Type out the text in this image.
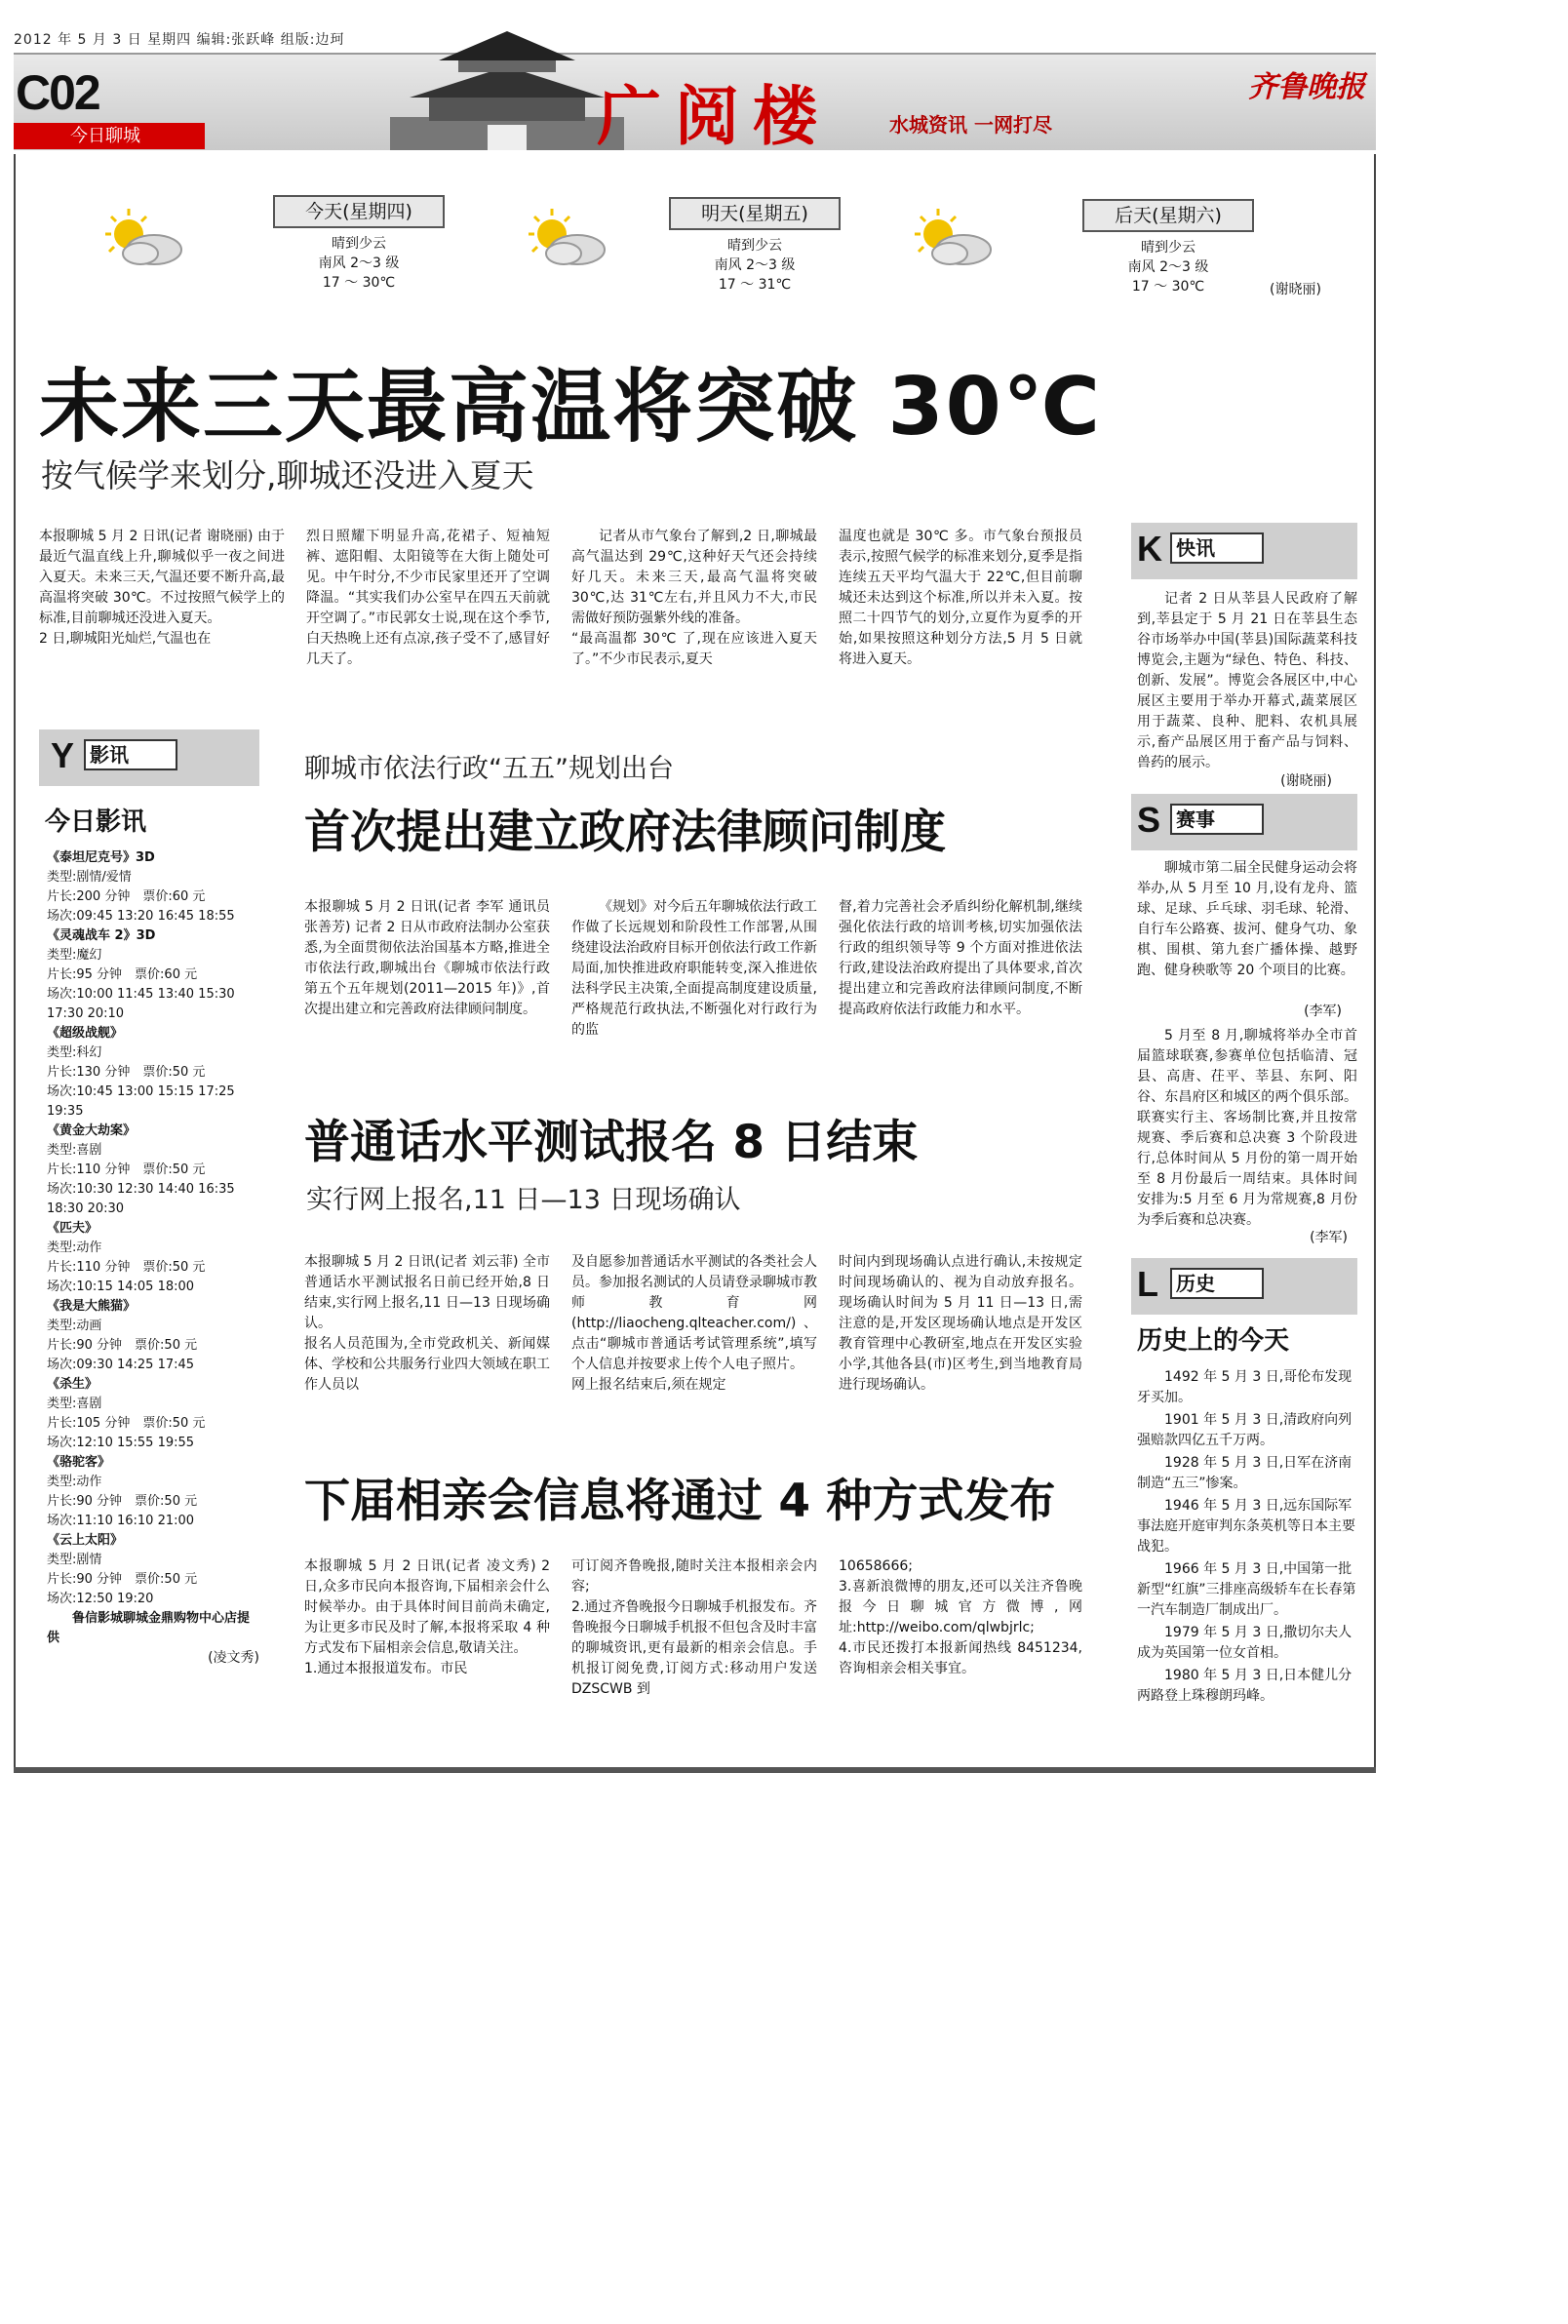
2012 年 5 月 3 日 星期四 编辑:张跃峰 组版:边珂
C02
今日聊城	广阅楼	水城资讯 一网打尽
齐鲁晚报
今天(星期四)
晴到少云
南风 2～3 级
17 ～ 30℃
明天(星期五)
晴到少云
南风 2～3 级
17 ～ 31℃
后天(星期六)
晴到少云
南风 2～3 级
17 ～ 30℃	(谢晓丽)
未来三天最高温将突破 30℃
按气候学来划分,聊城还没进入夏天
本报聊城 5 月 2 日讯(记者 谢晓丽) 由于最近气温直线上升,聊城似乎一夜之间进入夏天。未来三天,气温还要不断升高,最高温将突破 30℃。不过按照气候学上的标准,目前聊城还没进入夏天。
2 日,聊城阳光灿烂,气温也在
烈日照耀下明显升高,花裙子、短袖短裤、遮阳帽、太阳镜等在大街上随处可见。中午时分,不少市民家里还开了空调降温。“其实我们办公室早在四五天前就开空调了。”市民郭女士说,现在这个季节,白天热晚上还有点凉,孩子受不了,感冒好几天了。
记者从市气象台了解到,2 日,聊城最高气温达到 29℃,这种好天气还会持续好几天。未来三天,最高气温将突破 30℃,达 31℃左右,并且风力不大,市民需做好预防强紫外线的准备。
“最高温都 30℃ 了,现在应该进入夏天了。”不少市民表示,夏天
温度也就是 30℃ 多。市气象台预报员表示,按照气候学的标准来划分,夏季是指连续五天平均气温大于 22℃,但目前聊城还未达到这个标准,所以并未入夏。按照二十四节气的划分,立夏作为夏季的开始,如果按照这种划分方法,5 月 5 日就将进入夏天。
聊城市依法行政“五五”规划出台
首次提出建立政府法律顾问制度
本报聊城 5 月 2 日讯(记者 李军 通讯员 张善芳) 记者 2 日从市政府法制办公室获悉,为全面贯彻依法治国基本方略,推进全市依法行政,聊城出台《聊城市依法行政第五个五年规划(2011—2015 年)》,首次提出建立和完善政府法律顾问制度。
《规划》对今后五年聊城依法行政工作做了长远规划和阶段性工作部署,从围绕建设法治政府目标开创依法行政工作新局面,加快推进政府职能转变,深入推进依法科学民主决策,全面提高制度建设质量,严格规范行政执法,不断强化对行政行为的监
督,着力完善社会矛盾纠纷化解机制,继续强化依法行政的培训考核,切实加强依法行政的组织领导等 9 个方面对推进依法行政,建设法治政府提出了具体要求,首次提出建立和完善政府法律顾问制度,不断提高政府依法行政能力和水平。
普通话水平测试报名 8 日结束
实行网上报名,11 日—13 日现场确认
本报聊城 5 月 2 日讯(记者 刘云菲) 全市普通话水平测试报名日前已经开始,8 日结束,实行网上报名,11 日—13 日现场确认。
报名人员范围为,全市党政机关、新闻媒体、学校和公共服务行业四大领域在职工作人员以
及自愿参加普通话水平测试的各类社会人员。参加报名测试的人员请登录聊城市教师教育网(http://liaocheng.qlteacher.com/)、点击“聊城市普通话考试管理系统”,填写个人信息并按要求上传个人电子照片。
网上报名结束后,须在规定
时间内到现场确认点进行确认,未按规定时间现场确认的、视为自动放弃报名。现场确认时间为 5 月 11 日—13 日,需注意的是,开发区现场确认地点是开发区教育管理中心教研室,地点在开发区实验小学,其他各县(市)区考生,到当地教育局进行现场确认。
下届相亲会信息将通过 4 种方式发布
本报聊城 5 月 2 日讯(记者 凌文秀) 2 日,众多市民向本报咨询,下届相亲会什么时候举办。由于具体时间目前尚未确定,为让更多市民及时了解,本报将采取 4 种方式发布下届相亲会信息,敬请关注。
1.通过本报报道发布。市民
可订阅齐鲁晚报,随时关注本报相亲会内容;
2.通过齐鲁晚报今日聊城手机报发布。齐鲁晚报今日聊城手机报不但包含及时丰富的聊城资讯,更有最新的相亲会信息。手机报订阅免费,订阅方式:移动用户发送 DZSCWB 到
10658666;
3.喜新浪微博的朋友,还可以关注齐鲁晚报今日聊城官方微博,网址:http://weibo.com/qlwbjrlc;
4.市民还拨打本报新闻热线 8451234,咨询相亲会相关事宜。
Y 影讯
今日影讯
《泰坦尼克号》3D
类型:剧情/爱情
片长:200 分钟　票价:60 元
场次:09:45 13:20 16:45 18:55
《灵魂战车 2》3D
类型:魔幻
片长:95 分钟　票价:60 元
场次:10:00 11:45 13:40 15:30 17:30 20:10
《超级战舰》
类型:科幻
片长:130 分钟　票价:50 元
场次:10:45 13:00 15:15 17:25 19:35
《黄金大劫案》
类型:喜剧
片长:110 分钟　票价:50 元
场次:10:30 12:30 14:40 16:35 18:30 20:30
《匹夫》
类型:动作
片长:110 分钟　票价:50 元
场次:10:15 14:05 18:00
《我是大熊猫》
类型:动画
片长:90 分钟　票价:50 元
场次:09:30 14:25 17:45
《杀生》
类型:喜剧
片长:105 分钟　票价:50 元
场次:12:10 15:55 19:55
《骆驼客》
类型:动作
片长:90 分钟　票价:50 元
场次:11:10 16:10 21:00
《云上太阳》
类型:剧情
片长:90 分钟　票价:50 元
场次:12:50 19:20
鲁信影城聊城金鼎购物中心店提供
(凌文秀)
K 快讯
记者 2 日从莘县人民政府了解到,莘县定于 5 月 21 日在莘县生态谷市场举办中国(莘县)国际蔬菜科技博览会,主题为“绿色、特色、科技、创新、发展”。博览会各展区中,中心展区主要用于举办开幕式,蔬菜展区用于蔬菜、良种、肥料、农机具展示,畜产品展区用于畜产品与饲料、兽药的展示。
(谢晓丽)
S 赛事
聊城市第二届全民健身运动会将举办,从 5 月至 10 月,设有龙舟、篮球、足球、乒乓球、羽毛球、轮滑、自行车公路赛、拔河、健身气功、象棋、围棋、第九套广播体操、越野跑、健身秧歌等 20 个项目的比赛。
(李军)
5 月至 8 月,聊城将举办全市首届篮球联赛,参赛单位包括临清、冠县、高唐、茌平、莘县、东阿、阳谷、东昌府区和城区的两个俱乐部。联赛实行主、客场制比赛,并且按常规赛、季后赛和总决赛 3 个阶段进行,总体时间从 5 月份的第一周开始至 8 月份最后一周结束。具体时间安排为:5 月至 6 月为常规赛,8 月份为季后赛和总决赛。
(李军)
L 历史
历史上的今天

1492 年 5 月 3 日,哥伦布发现牙买加。

1901 年 5 月 3 日,清政府向列强赔款四亿五千万两。

1928 年 5 月 3 日,日军在济南制造“五三”惨案。

1946 年 5 月 3 日,远东国际军事法庭开庭审判东条英机等日本主要战犯。

1966 年 5 月 3 日,中国第一批新型“红旗”三排座高级轿车在长春第一汽车制造厂制成出厂。

1979 年 5 月 3 日,撒切尔夫人成为英国第一位女首相。

1980 年 5 月 3 日,日本健儿分两路登上珠穆朗玛峰。
